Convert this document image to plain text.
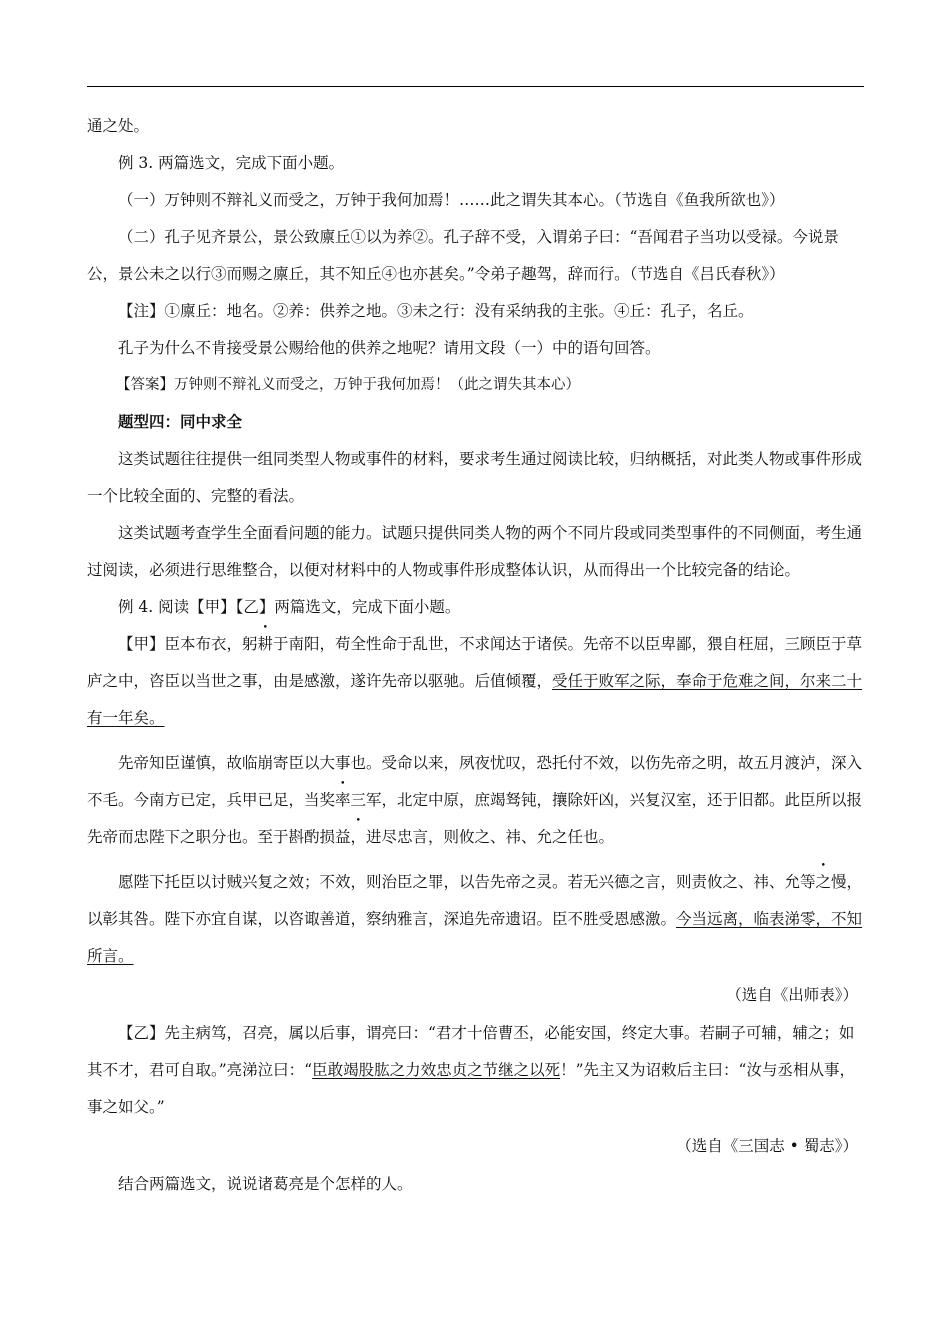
通之处。

例 3. 两篇选文，完成下面小题。

（一）万钟则不辩礼义而受之，万钟于我何加焉！……此之谓失其本心。（节选自《鱼我所欲也》）

（二）孔子见齐景公，景公致廪丘①以为养②。孔子辞不受，入谓弟子曰：“吾闻君子当功以受禄。今说景公，景公未之以行③而赐之廪丘，其不知丘④也亦甚矣。”令弟子趣驾，辞而行。（节选自《吕氏春秋》）

【注】①廪丘：地名。②养：供养之地。③未之行：没有采纳我的主张。④丘：孔子，名丘。

孔子为什么不肯接受景公赐给他的供养之地呢？请用文段（一）中的语句回答。

【答案】万钟则不辩礼义而受之，万钟于我何加焉！（此之谓失其本心）

题型四：同中求全

这类试题往往提供一组同类型人物或事件的材料，要求考生通过阅读比较，归纳概括，对此类人物或事件形成一个比较全面的、完整的看法。

这类试题考查学生全面看问题的能力。试题只提供同类人物的两个不同片段或同类型事件的不同侧面，考生通过阅读，必须进行思维整合，以便对材料中的人物或事件形成整体认识，从而得出一个比较完备的结论。

例 4. 阅读【甲】【乙】两篇选文，完成下面小题。

【甲】臣本布衣，躬耕于南阳，苟全性命于乱世，不求闻达于诸侯。先帝不以臣卑鄙，猥自枉屈，三顾臣于草庐之中，咨臣以当世之事，由是感激，遂许先帝以驱驰。后值倾覆，受任于败军之际，奉命于危难之间，尔来二十有一年矣。

先帝知臣谨慎，故临崩寄臣以大事也。受命以来，夙夜忧叹，恐托付不效，以伤先帝之明，故五月渡泸，深入不毛。今南方已定，兵甲已足，当奖率三军，北定中原，庶竭驽钝，攘除奸凶，兴复汉室，还于旧都。此臣所以报先帝而忠陛下之职分也。至于斟酌损益，进尽忠言，则攸之、祎、允之任也。

愿陛下托臣以讨贼兴复之效；不效，则治臣之罪，以告先帝之灵。若无兴德之言，则责攸之、祎、允等之慢，以彰其咎。陛下亦宜自谋，以咨诹善道，察纳雅言，深追先帝遗诏。臣不胜受恩感激。今当远离，临表涕零，不知所言。

（选自《出师表》）

【乙】先主病笃，召亮，属以后事，谓亮曰：“君才十倍曹丕，必能安国，终定大事。若嗣子可辅，辅之；如其不才，君可自取。”亮涕泣曰：“臣敢竭股肱之力效忠贞之节继之以死！”先主又为诏敕后主曰：“汝与丞相从事，事之如父。”

（选自《三国志 • 蜀志》）

结合两篇选文，说说诸葛亮是个怎样的人。
